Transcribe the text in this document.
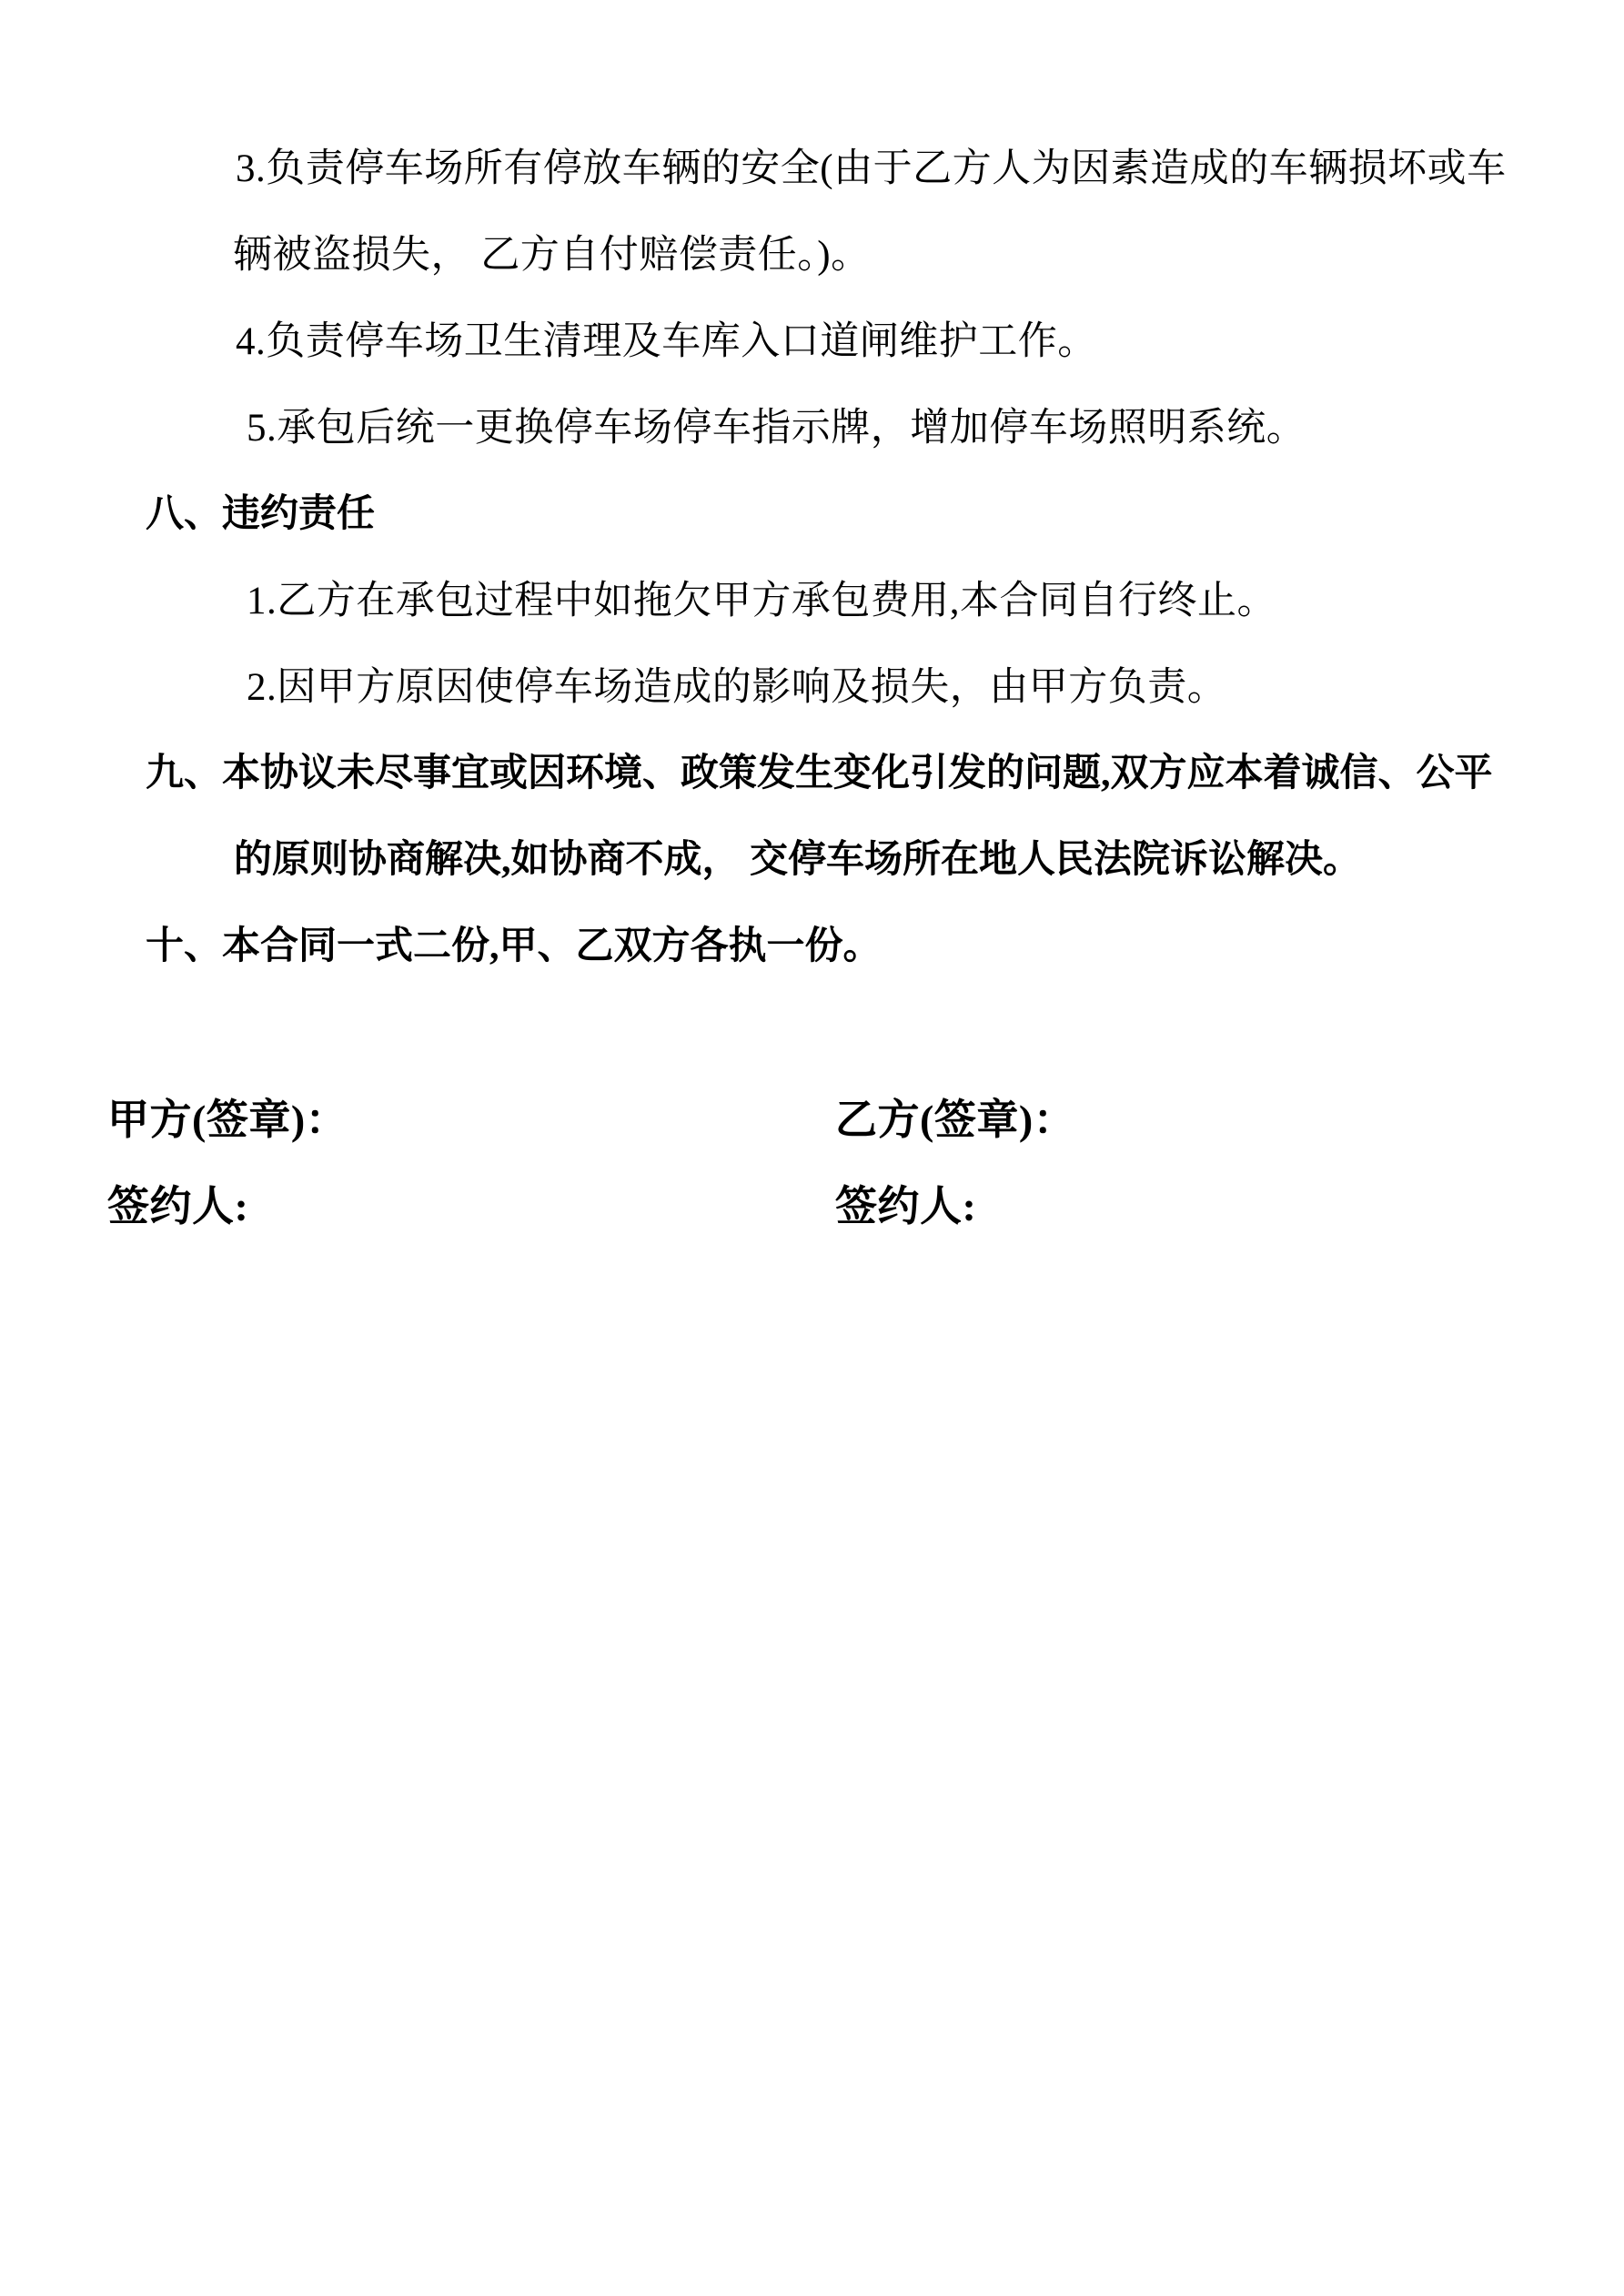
3.负责停车场所有停放车辆的安全(由于乙方人为因素造成的车辆损坏或车

辆被盗损失， 乙方自付赔偿责任。)。

4.负责停车场卫生清理及车库入口道闸维护工作。

5.承包后统一更换停车场停车指示牌，增加停车场照明系统。

八、违约责任

1.乙方在承包过程中如拖欠甲方承包费用,本合同自行终止。

2.因甲方原因使停车场造成的影响及损失，由甲方负责。

九、本协议未尽事宜或因环境、政策发生变化引发的问题,双方应本着诚信、公平

的原则协商解决,如协商不成， 交停车场所在地人民法院诉讼解决。

十、本合同一式二份,甲、乙双方各执一份。

甲方(签章)：	乙方(签章)：
签约人:	签约人:
